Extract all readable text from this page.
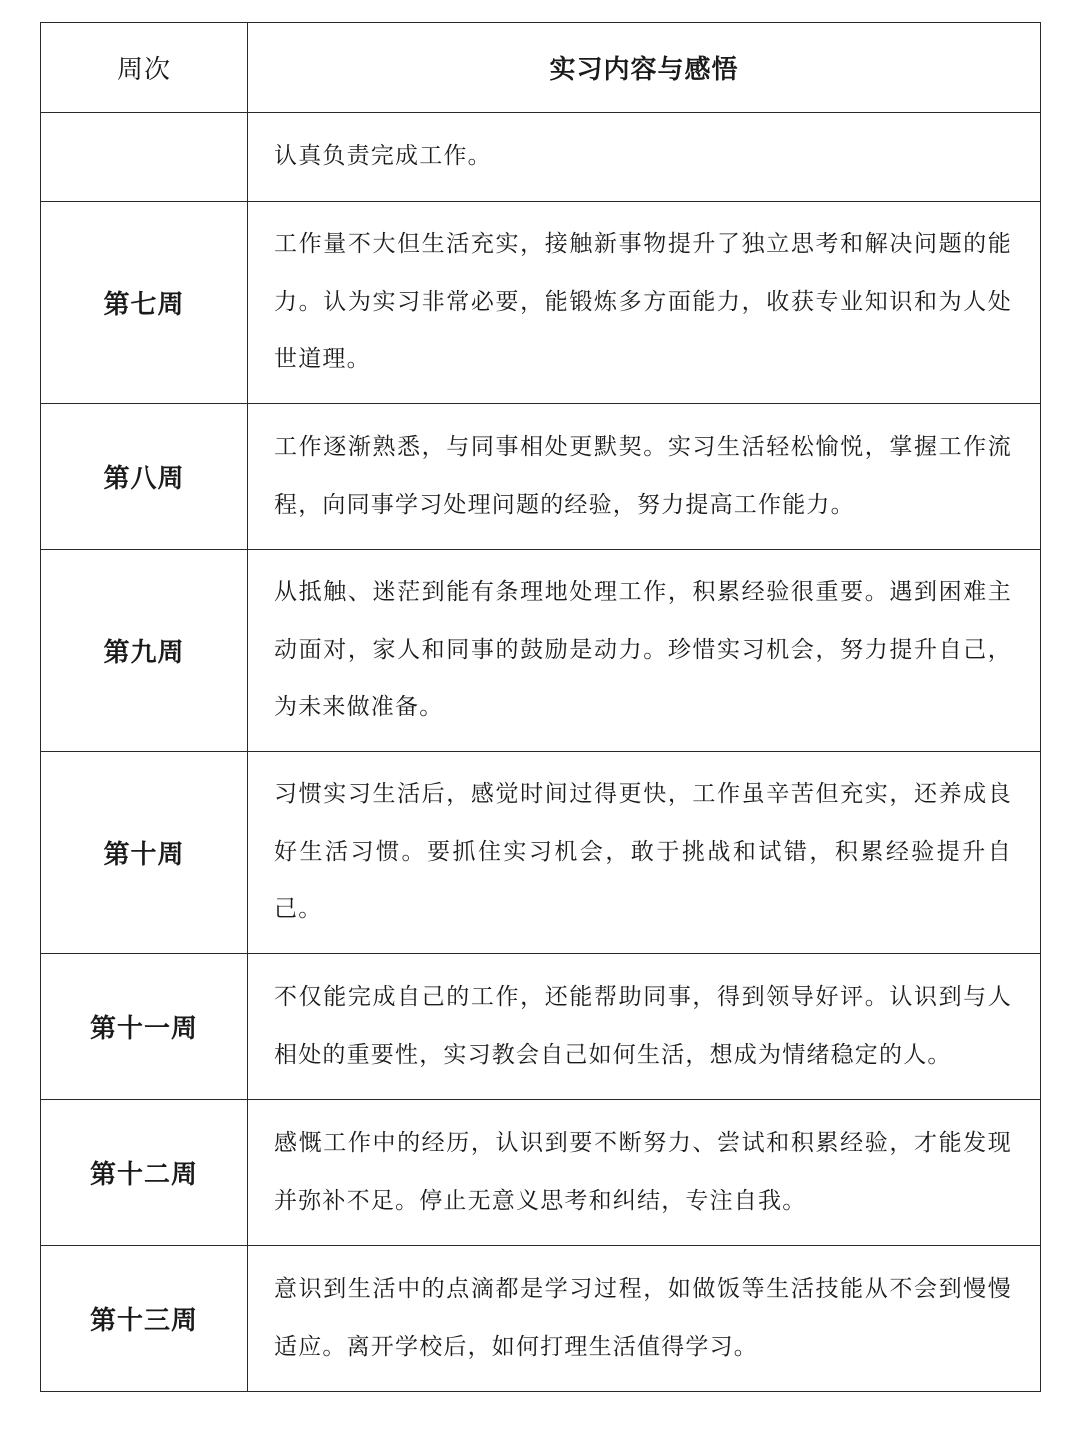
周次	实习内容与感悟
	认真负责完成工作。
第七周	工作量不大但生活充实，接触新事物提升了独立思考和解决问题的能力。认为实习非常必要，能锻炼多方面能力，收获专业知识和为人处世道理。
第八周	工作逐渐熟悉，与同事相处更默契。实习生活轻松愉悦，掌握工作流程，向同事学习处理问题的经验，努力提高工作能力。
第九周	从抵触、迷茫到能有条理地处理工作，积累经验很重要。遇到困难主动面对，家人和同事的鼓励是动力。珍惜实习机会，努力提升自己，为未来做准备。
第十周	习惯实习生活后，感觉时间过得更快，工作虽辛苦但充实，还养成良好生活习惯。要抓住实习机会，敢于挑战和试错，积累经验提升自己。
第十一周	不仅能完成自己的工作，还能帮助同事，得到领导好评。认识到与人相处的重要性，实习教会自己如何生活，想成为情绪稳定的人。
第十二周	感慨工作中的经历，认识到要不断努力、尝试和积累经验，才能发现并弥补不足。停止无意义思考和纠结，专注自我。
第十三周	意识到生活中的点滴都是学习过程，如做饭等生活技能从不会到慢慢适应。离开学校后，如何打理生活值得学习。
